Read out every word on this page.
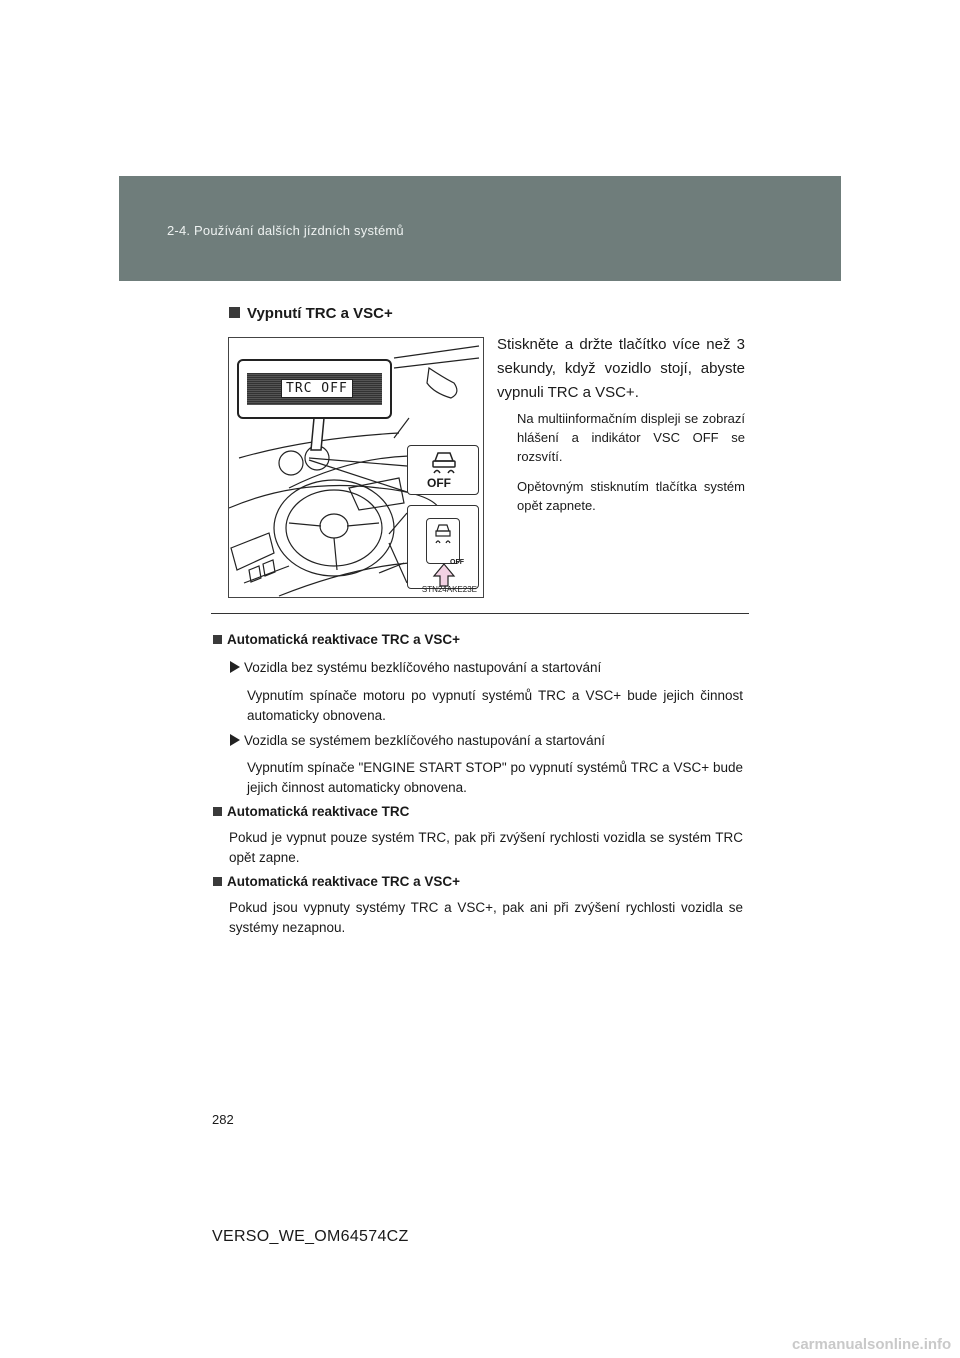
2-4. Používání dalších jízdních systémů
Vypnutí TRC a VSC+
TRC OFF
OFF
OFF
STN24AKE23E
Stiskněte a držte tlačítko více než 3 sekundy, když vozidlo stojí, abyste vypnuli TRC a VSC+.
Na multiinformačním displeji se zobrazí hlášení a indikátor VSC OFF se rozsvítí.
Opětovným stisknutím tlačítka systém opět zapnete.
Automatická reaktivace TRC a VSC+
Vozidla bez systému bezklíčového nastupování a startování
Vypnutím spínače motoru po vypnutí systémů TRC a VSC+ bude jejich činnost automaticky obnovena.
Vozidla se systémem bezklíčového nastupování a startování
Vypnutím spínače "ENGINE START STOP" po vypnutí systémů TRC a VSC+ bude jejich činnost automaticky obnovena.
Automatická reaktivace TRC
Pokud je vypnut pouze systém TRC, pak při zvýšení rychlosti vozidla se systém TRC opět zapne.
Automatická reaktivace TRC a VSC+
Pokud jsou vypnuty systémy TRC a VSC+, pak ani při zvýšení rychlosti vozidla se systémy nezapnou.
282
VERSO_WE_OM64574CZ
carmanualsonline.info
